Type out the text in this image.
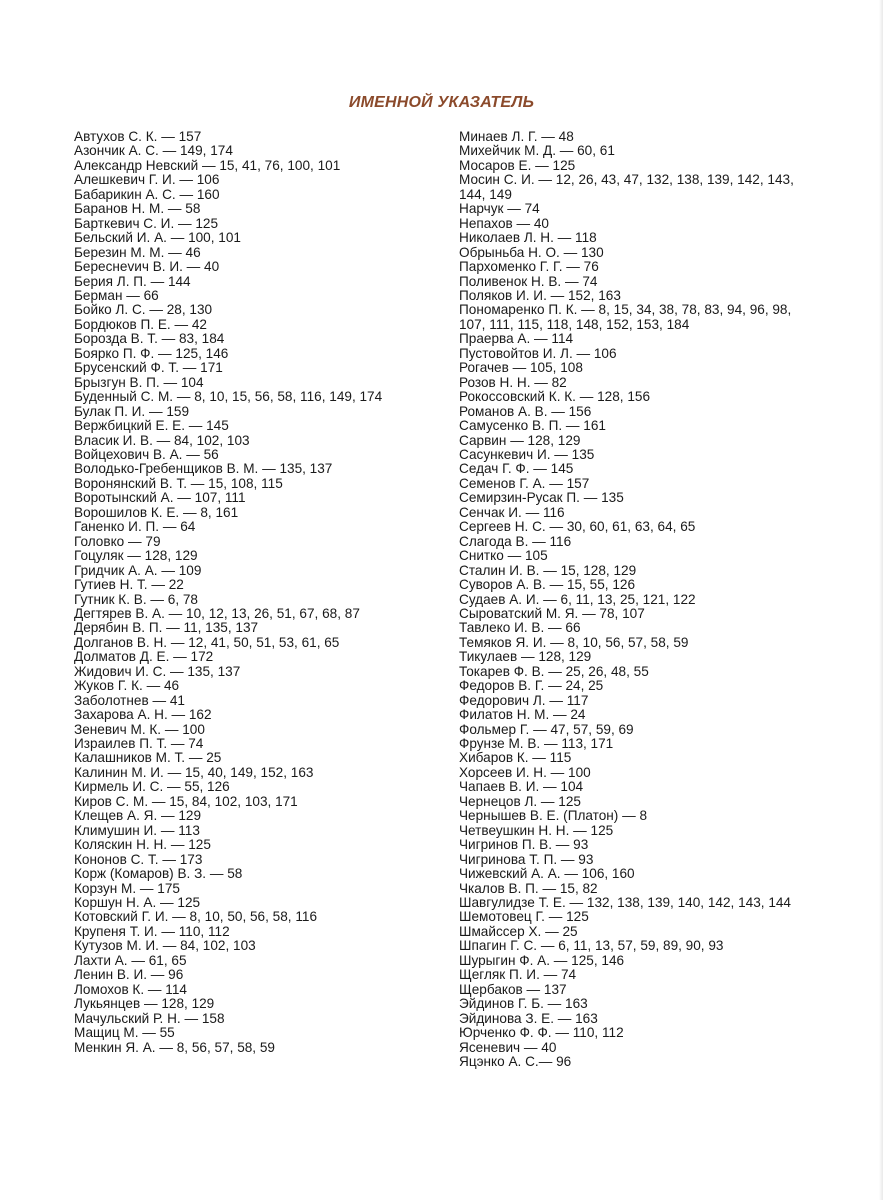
ИМЕННОЙ УКАЗАТЕЛЬ
Автухов С. К. — 157
Азончик А. С. — 149, 174
Александр Невский — 15, 41, 76, 100, 101
Алешкевич Г. И. — 106
Бабарикин А. С. — 160
Баранов Н. М. — 58
Барткевич С. И. — 125
Бельский И. А. — 100, 101
Березин М. М. — 46
Береснevич В. И. — 40
Берия Л. П. — 144
Берман — 66
Бойко Л. С. — 28, 130
Бордюков П. Е. — 42
Борозда В. Т. — 83, 184
Боярко П. Ф. — 125, 146
Брусенский Ф. Т. — 171
Брызгун В. П. — 104
Буденный С. М. — 8, 10, 15, 56, 58, 116, 149, 174
Булак П. И. — 159
Вержбицкий Е. Е. — 145
Власик И. В. — 84, 102, 103
Войцехович В. А. — 56
Володько-Гребенщиков В. М. — 135, 137
Воронянский В. Т. — 15, 108, 115
Воротынский А. — 107, 111
Ворошилов К. Е. — 8, 161
Ганенко И. П. — 64
Головко — 79
Гоцуляк — 128, 129
Гридчик А. А. — 109
Гутиев Н. Т. — 22
Гутник К. В. — 6, 78
Дегтярев В. А. — 10, 12, 13, 26, 51, 67, 68, 87
Дерябин В. П. — 11, 135, 137
Долганов В. Н. — 12, 41, 50, 51, 53, 61, 65
Долматов Д. Е. — 172
Жидович И. С. — 135, 137
Жуков Г. К. — 46
Заболотнев — 41
Захарова А. Н. — 162
Зеневич М. К. — 100
Израилев П. Т. — 74
Калашников М. Т. — 25
Калинин М. И. — 15, 40, 149, 152, 163
Кирмель И. С. — 55, 126
Киров С. М. — 15, 84, 102, 103, 171
Клещев А. Я. — 129
Климушин И. — 113
Коляскин Н. Н. — 125
Кононов С. Т. — 173
Корж (Комаров) В. З. — 58
Корзун М. — 175
Коршун Н. А. — 125
Котовский Г. И. — 8, 10, 50, 56, 58, 116
Крупеня Т. И. — 110, 112
Кутузов М. И. — 84, 102, 103
Лахти А. — 61, 65
Ленин В. И. — 96
Ломохов К. — 114
Лукьянцев — 128, 129
Мачульский Р. Н. — 158
Мащиц М. — 55
Менкин Я. А. — 8, 56, 57, 58, 59
Минаев Л. Г. — 48
Михейчик М. Д. — 60, 61
Мосаров Е. — 125
Мосин С. И. — 12, 26, 43, 47, 132, 138, 139, 142, 143, 144, 149
Нарчук — 74
Непахов — 40
Николаев Л. Н. — 118
Обрыньба Н. О. — 130
Пархоменко Г. Г. — 76
Поливенок Н. В. — 74
Поляков И. И. — 152, 163
Пономаренко П. К. — 8, 15, 34, 38, 78, 83, 94, 96, 98, 107, 111, 115, 118, 148, 152, 153, 184
Праерва А. — 114
Пустовойтов И. Л. — 106
Рогачев — 105, 108
Розов Н. Н. — 82
Рокоссовский К. К. — 128, 156
Романов А. В. — 156
Самусенко В. П. — 161
Сарвин — 128, 129
Сасункевич И. — 135
Седач Г. Ф. — 145
Семенов Г. А. — 157
Семирзин-Русак П. — 135
Сенчак И. — 116
Сергеев Н. С. — 30, 60, 61, 63, 64, 65
Слагода В. — 116
Снитко — 105
Сталин И. В. — 15, 128, 129
Суворов А. В. — 15, 55, 126
Судаев А. И. — 6, 11, 13, 25, 121, 122
Сыроватский М. Я. — 78, 107
Тавлеко И. В. — 66
Темяков Я. И. — 8, 10, 56, 57, 58, 59
Тикулаев — 128, 129
Токарев Ф. В. — 25, 26, 48, 55
Федоров В. Г. — 24, 25
Федорович Л. — 117
Филатов Н. М. — 24
Фольмер Г. — 47, 57, 59, 69
Фрунзе М. В. — 113, 171
Хибаров К. — 115
Хорсеев И. Н. — 100
Чапаев В. И. — 104
Чернецов Л. — 125
Чернышев В. Е. (Платон) — 8
Четвеушкин Н. Н. — 125
Чигринов П. В. — 93
Чигринова Т. П. — 93
Чижевский А. А. — 106, 160
Чкалов В. П. — 15, 82
Шавгулидзе Т. Е. — 132, 138, 139, 140, 142, 143, 144
Шемотовец Г. — 125
Шмайссер Х. — 25
Шпагин Г. С. — 6, 11, 13, 57, 59, 89, 90, 93
Шурыгин Ф. А. — 125, 146
Щегляк П. И. — 74
Щербаков — 137
Эйдинов Г. Б. — 163
Эйдинова З. Е. — 163
Юрченко Ф. Ф. — 110, 112
Ясеневич — 40
Яцэнко А. С.— 96
